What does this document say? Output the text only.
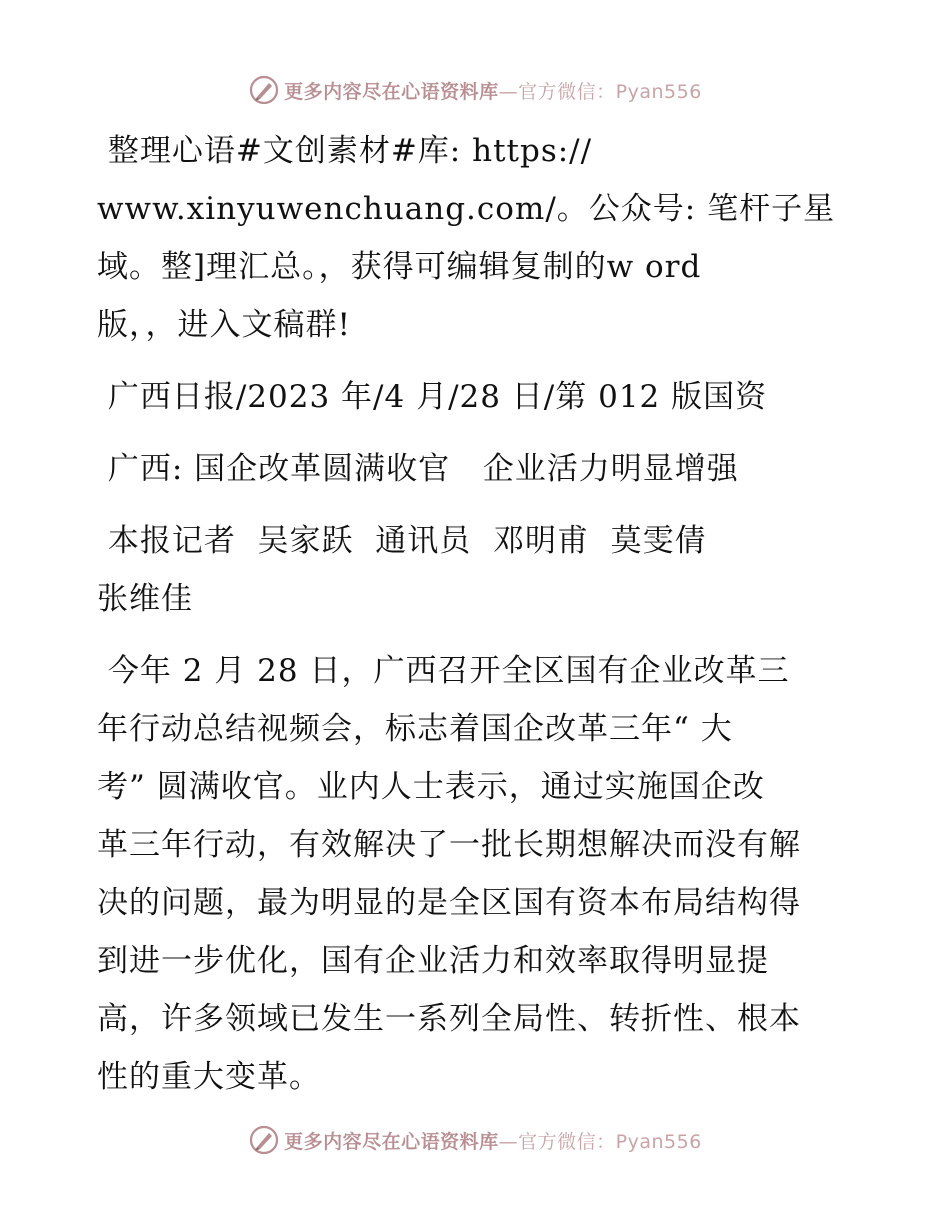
更多内容尽在心语资料库—官方微信：Pyan556
整理心语#文创素材#库: https://
www.xinyuwenchuang.com/。公众号: 笔杆子星
域。整]理汇总。，获得可编辑复制的w ord
版，，进入文稿群!
广西日报/2023 年/4 月/28 日/第 012 版国资
广西: 国企改革圆满收官   企业活力明显增强
本报记者  吴家跃  通讯员  邓明甫  莫雯倩
张维佳
今年 2 月 28 日，广西召开全区国有企业改革三
年行动总结视频会，标志着国企改革三年“ 大
考” 圆满收官。业内人士表示，通过实施国企改
革三年行动，有效解决了一批长期想解决而没有解
决的问题，最为明显的是全区国有资本布局结构得
到进一步优化，国有企业活力和效率取得明显提
高，许多领域已发生一系列全局性、转折性、根本
性的重大变革。
更多内容尽在心语资料库—官方微信：Pyan556
